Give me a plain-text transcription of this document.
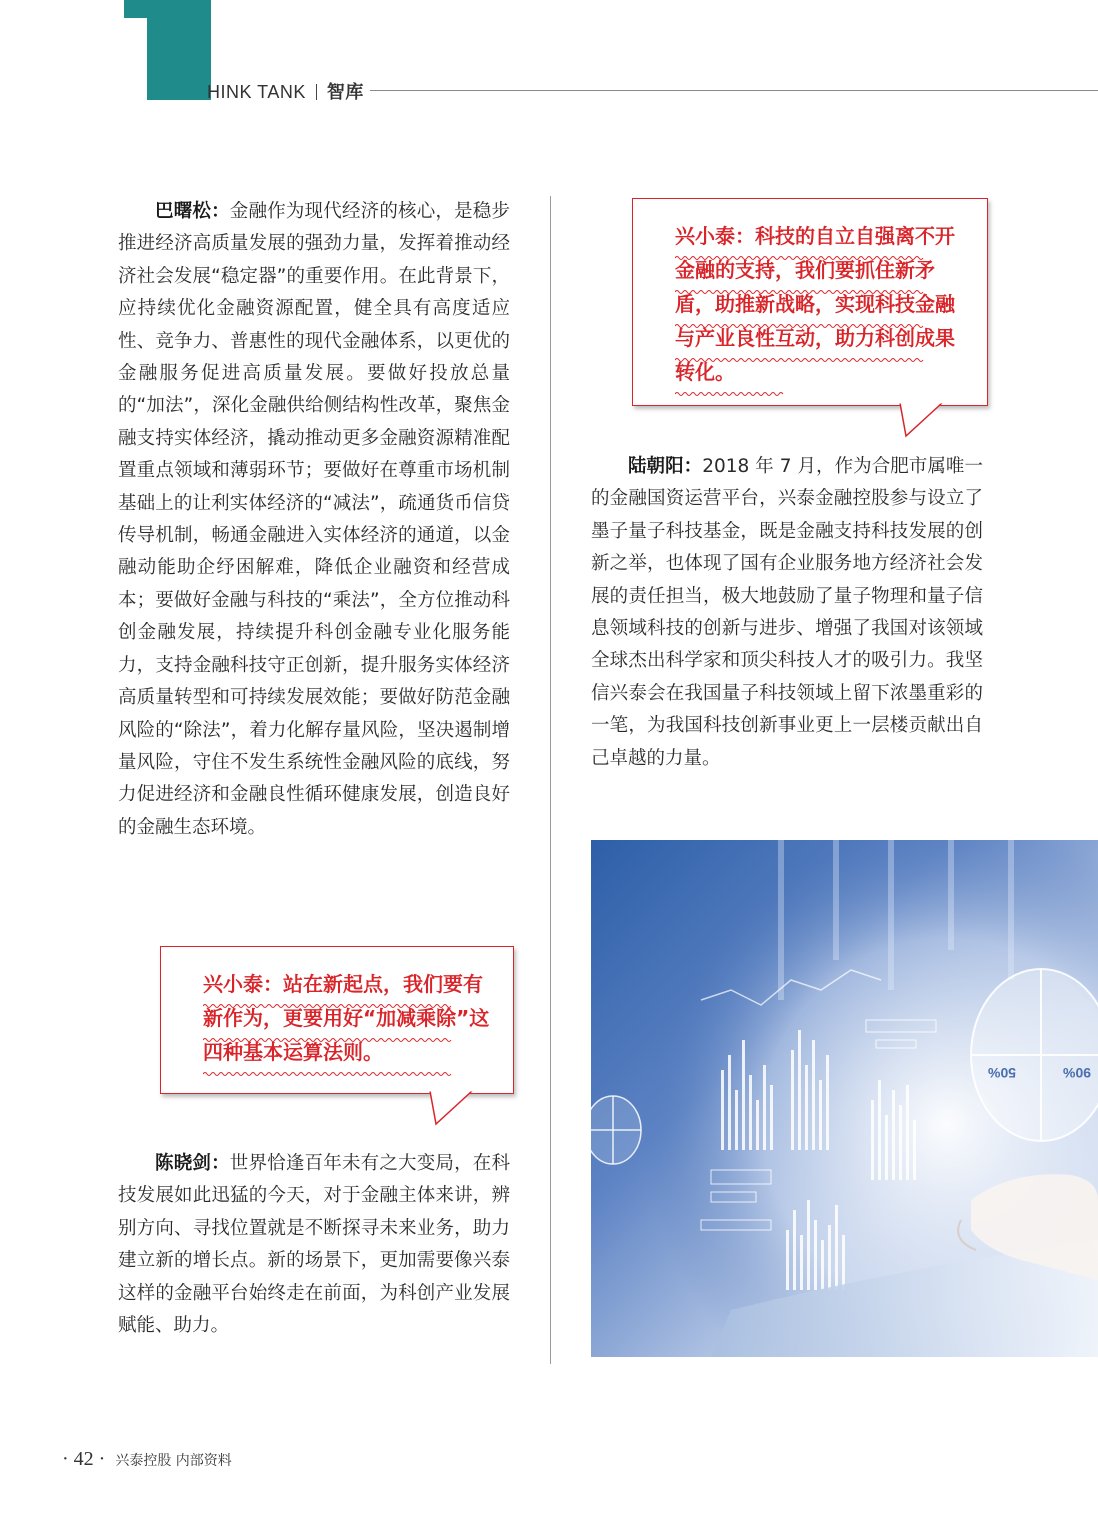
HINK TANK 智库

巴曙松：金融作为现代经济的核心，是稳步推进经济高质量发展的强劲力量，发挥着推动经济社会发展“稳定器”的重要作用。在此背景下，应持续优化金融资源配置，健全具有高度适应性、竞争力、普惠性的现代金融体系，以更优的金融服务促进高质量发展。要做好投放总量的“加法”，深化金融供给侧结构性改革，聚焦金融支持实体经济，撬动推动更多金融资源精准配置重点领域和薄弱环节；要做好在尊重市场机制基础上的让利实体经济的“减法”，疏通货币信贷传导机制，畅通金融进入实体经济的通道，以金融动能助企纾困解难，降低企业融资和经营成本；要做好金融与科技的“乘法”，全方位推动科创金融发展，持续提升科创金融专业化服务能力，支持金融科技守正创新，提升服务实体经济高质量转型和可持续发展效能；要做好防范金融风险的“除法”，着力化解存量风险，坚决遏制增量风险，守住不发生系统性金融风险的底线，努力促进经济和金融良性循环健康发展，创造良好的金融生态环境。

陈晓剑：世界恰逢百年未有之大变局，在科技发展如此迅猛的今天，对于金融主体来讲，辨别方向、寻找位置就是不断探寻未来业务，助力建立新的增长点。新的场景下，更加需要像兴泰这样的金融平台始终走在前面，为科创产业发展赋能、助力。

兴小泰：科技的自立自强离不开金融的支持，我们要抓住新矛盾，助推新战略，实现科技金融与产业良性互动，助力科创成果转化。

兴小泰：站在新起点，我们要有新作为，更要用好“加减乘除”这四种基本运算法则。

陆朝阳：2018 年 7 月，作为合肥市属唯一的金融国资运营平台，兴泰金融控股参与设立了墨子量子科技基金，既是金融支持科技发展的创新之举，也体现了国有企业服务地方经济社会发展的责任担当，极大地鼓励了量子物理和量子信息领域科技的创新与进步、增强了我国对该领域全球杰出科学家和顶尖科技人才的吸引力。我坚信兴泰会在我国量子科技领域上留下浓墨重彩的一笔，为我国科技创新事业更上一层楼贡献出自己卓越的力量。

50%	90%
· 42 · 兴泰控股 内部资料
